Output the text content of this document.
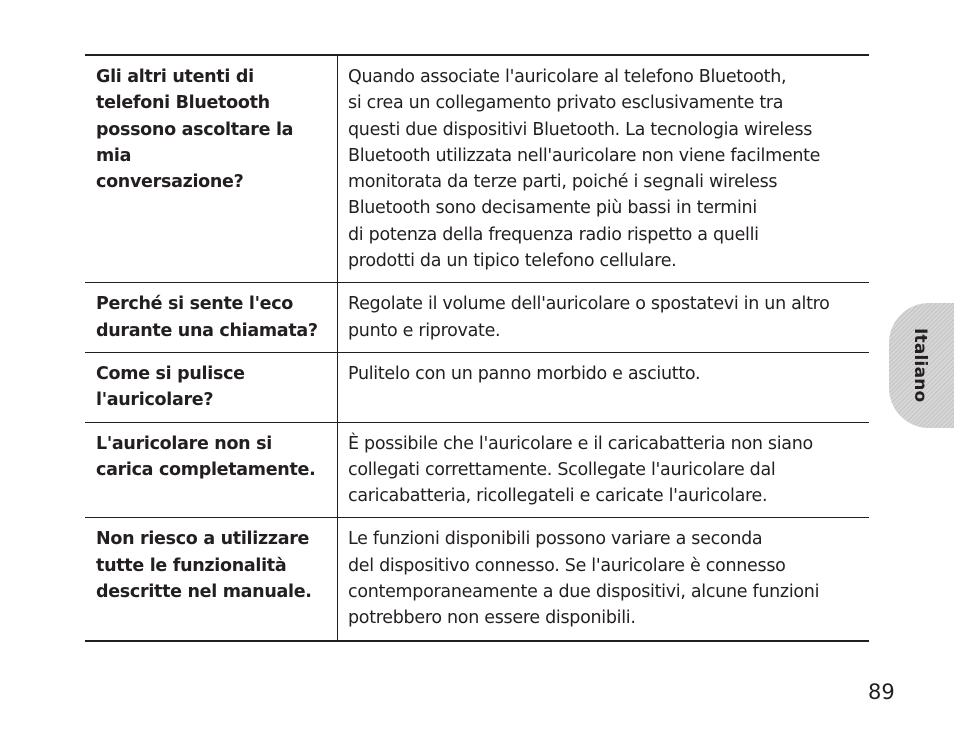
Gli altri utenti di
telefoni Bluetooth
possono ascoltare la mia
conversazione?
Quando associate l'auricolare al telefono Bluetooth,
si crea un collegamento privato esclusivamente tra
questi due dispositivi Bluetooth. La tecnologia wireless
Bluetooth utilizzata nell'auricolare non viene facilmente
monitorata da terze parti, poiché i segnali wireless
Bluetooth sono decisamente più bassi in termini
di potenza della frequenza radio rispetto a quelli
prodotti da un tipico telefono cellulare.
Perché si sente l'eco
durante una chiamata?
Regolate il volume dell'auricolare o spostatevi in un altro
punto e riprovate.
Come si pulisce
l'auricolare?
Pulitelo con un panno morbido e asciutto.
L'auricolare non si
carica completamente.
È possibile che l'auricolare e il caricabatteria non siano
collegati correttamente. Scollegate l'auricolare dal
caricabatteria, ricollegateli e caricate l'auricolare.
Non riesco a utilizzare
tutte le funzionalità
descritte nel manuale.
Le funzioni disponibili possono variare a seconda
del dispositivo connesso. Se l'auricolare è connesso
contemporaneamente a due dispositivi, alcune funzioni
potrebbero non essere disponibili.
Italiano
89
